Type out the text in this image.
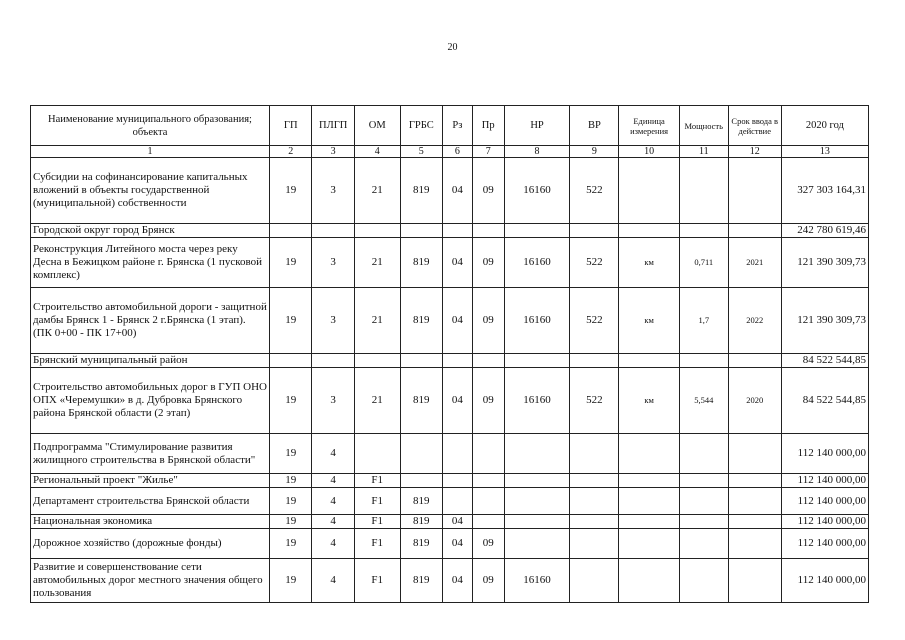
20
Наименование муниципального образования; объекта	ГП	ПЛГП	ОМ	ГРБС	Рз	Пр	НР	ВР	Единица измерения	Мощность	Срок ввода в действие	2020 год
1	2	3	4	5	6	7	8	9	10	11	12	13
Субсидии на софинансирование капитальных вложений в объекты государственной (муниципальной) собственности	19	3	21	819	04	09	16160	522				327 303 164,31
Городской округ город Брянск												242 780 619,46
Реконструкция Литейного моста через реку Десна в Бежицком районе г. Брянска (1 пусковой комплекс)	19	3	21	819	04	09	16160	522	км	0,711	2021	121 390 309,73
Строительство автомобильной дороги - защитной дамбы Брянск 1 - Брянск 2 г.Брянска (1 этап). (ПК 0+00 - ПК 17+00)	19	3	21	819	04	09	16160	522	км	1,7	2022	121 390 309,73
Брянский муниципальный район												84 522 544,85
Строительство автомобильных дорог в ГУП ОНО ОПХ «Черемушки» в д. Дубровка Брянского района Брянской области (2 этап)	19	3	21	819	04	09	16160	522	км	5,544	2020	84 522 544,85
Подпрограмма "Стимулирование развития жилищного строительства в Брянской области"	19	4										112 140 000,00
Региональный проект "Жилье"	19	4	F1									112 140 000,00
Департамент строительства Брянской области	19	4	F1	819								112 140 000,00
Национальная экономика	19	4	F1	819	04							112 140 000,00
Дорожное хозяйство (дорожные фонды)	19	4	F1	819	04	09						112 140 000,00
Развитие и совершенствование сети автомобильных дорог местного значения общего пользования	19	4	F1	819	04	09	16160					112 140 000,00
